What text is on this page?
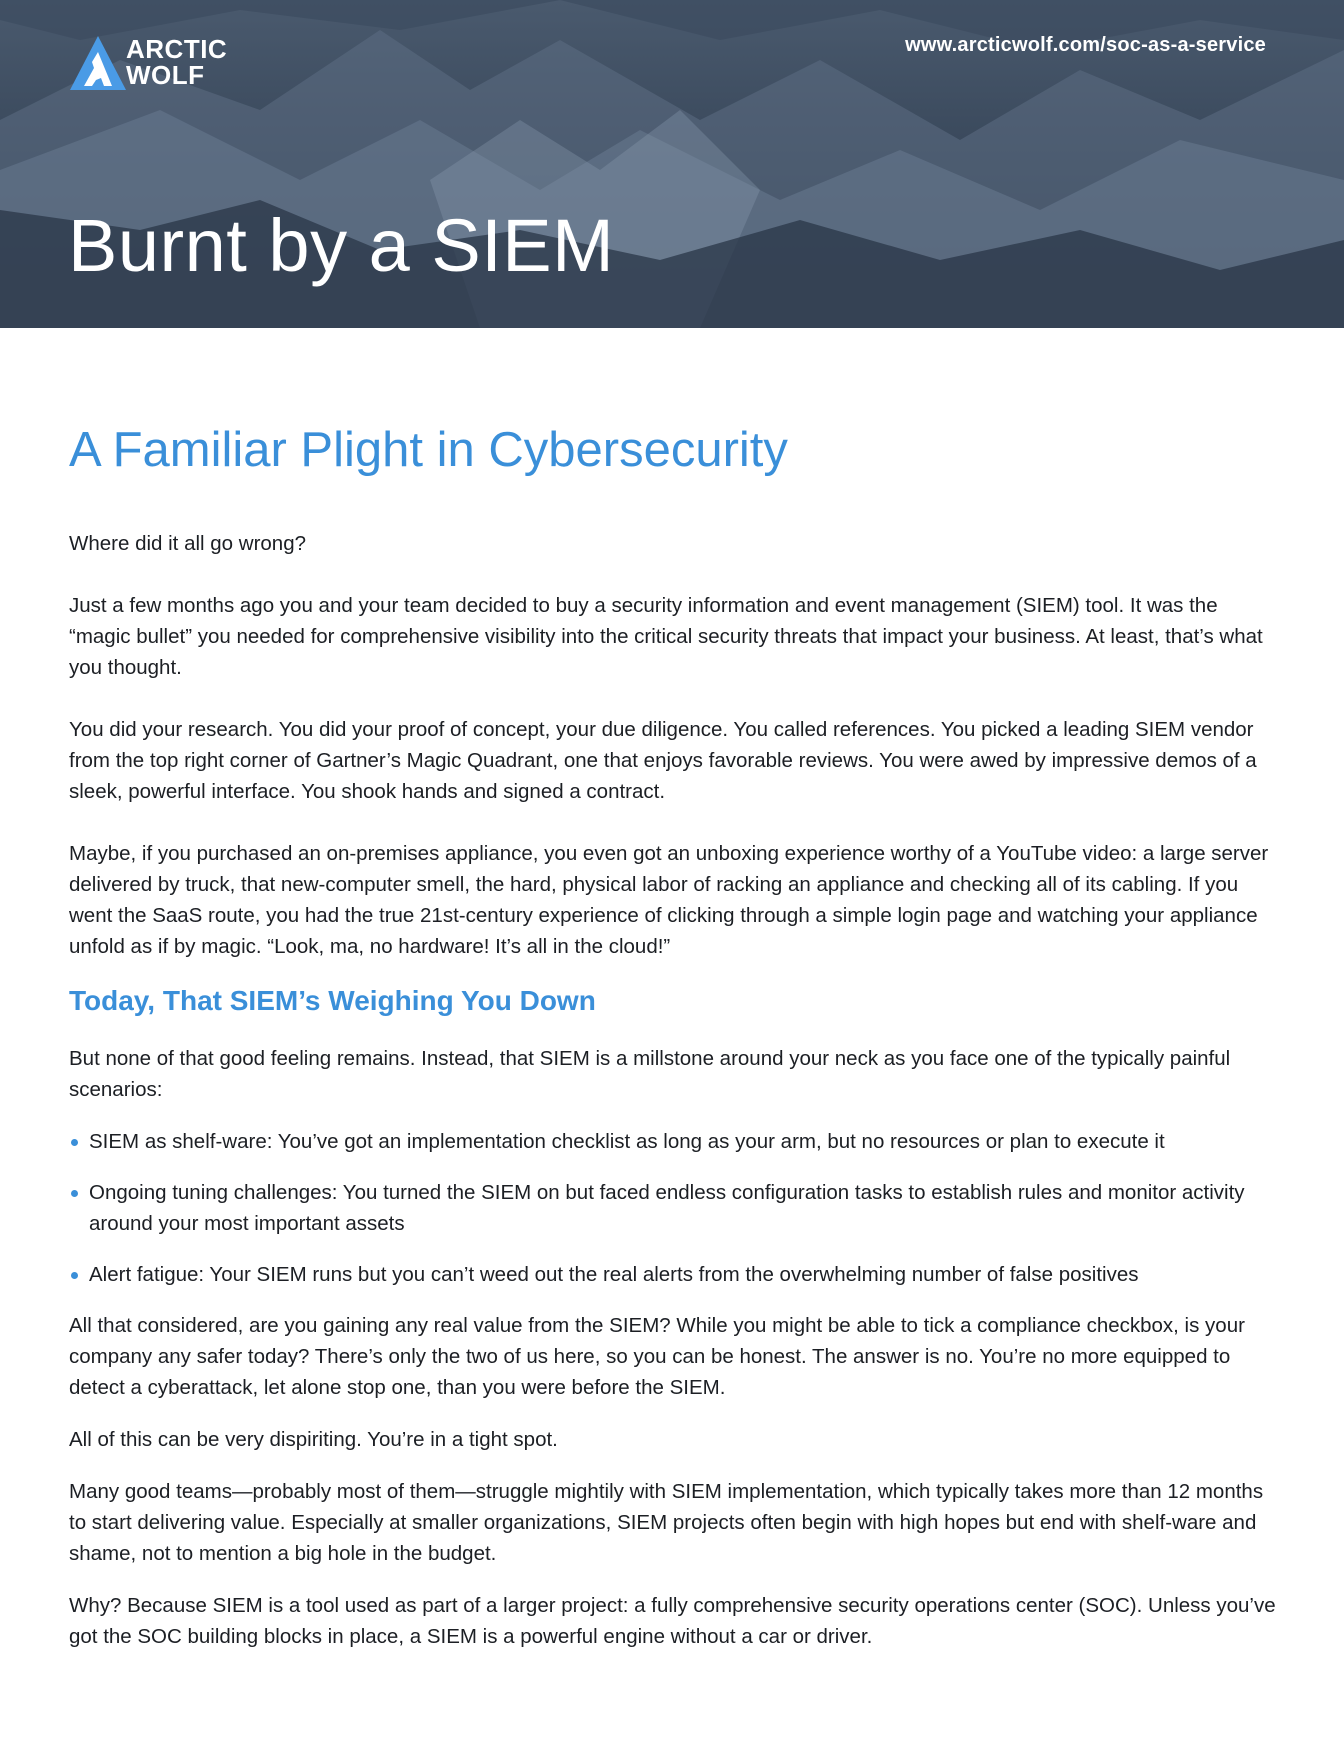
ARCTIC
WOLF
www.arcticwolf.com/soc-as-a-service
Burnt by a SIEM
A Familiar Plight in Cybersecurity

Where did it all go wrong?

Just a few months ago you and your team decided to buy a security information and event management (SIEM) tool. It was the “magic bullet” you needed for comprehensive visibility into the critical security threats that impact your business. At least, that’s what you thought.

You did your research. You did your proof of concept, your due diligence. You called references. You picked a leading SIEM vendor from the top right corner of Gartner’s Magic Quadrant, one that enjoys favorable reviews. You were awed by impressive demos of a sleek, powerful interface. You shook hands and signed a contract.

Maybe, if you purchased an on-premises appliance, you even got an unboxing experience worthy of a YouTube video: a large server delivered by truck, that new-computer smell, the hard, physical labor of racking an appliance and checking all of its cabling. If you went the SaaS route, you had the true 21st-century experience of clicking through a simple login page and watching your appliance unfold as if by magic. “Look, ma, no hardware! It’s all in the cloud!”

Today, That SIEM’s Weighing You Down

But none of that good feeling remains. Instead, that SIEM is a millstone around your neck as you face one of the typically painful scenarios:

SIEM as shelf-ware: You’ve got an implementation checklist as long as your arm, but no resources or plan to execute it
Ongoing tuning challenges: You turned the SIEM on but faced endless configuration tasks to establish rules and monitor activity around your most important assets
Alert fatigue: Your SIEM runs but you can’t weed out the real alerts from the overwhelming number of false positives

All that considered, are you gaining any real value from the SIEM? While you might be able to tick a compliance checkbox, is your company any safer today? There’s only the two of us here, so you can be honest. The answer is no. You’re no more equipped to detect a cyberattack, let alone stop one, than you were before the SIEM.

All of this can be very dispiriting. You’re in a tight spot.

Many good teams—probably most of them—struggle mightily with SIEM implementation, which typically takes more than 12 months to start delivering value. Especially at smaller organizations, SIEM projects often begin with high hopes but end with shelf-ware and shame, not to mention a big hole in the budget.

Why? Because SIEM is a tool used as part of a larger project: a fully comprehensive security operations center (SOC). Unless you’ve got the SOC building blocks in place, a SIEM is a powerful engine without a car or driver.
